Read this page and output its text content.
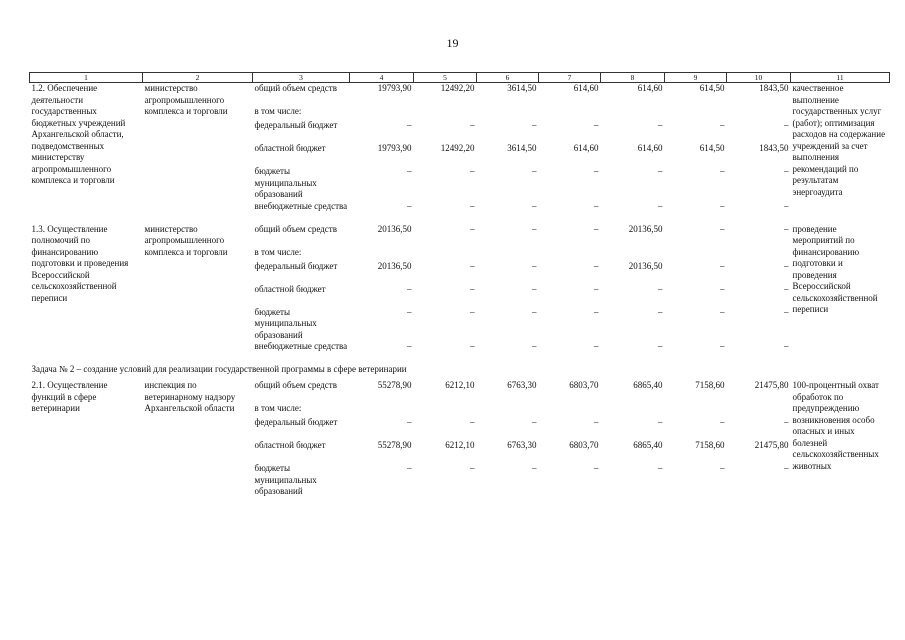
19
1	2	3	4	5	6	7	8	9	10	11
1.2. Обеспечение деятельности государственных бюджетных учреждений Архангельской области, подведомственных министерству агропромышленного комплекса и торговли	министерство агропромышленного комплекса и торговли	общий объем средств	19793,90	12492,20	3614,50	614,60	614,60	614,50	1843,50	качественное выполнение государственных услуг (работ); оптимизация расходов на содержание учреждений за счет выполнения рекомендаций по результатам энергоаудита
		в том числе:								
		федеральный бюджет	–	–	–	–	–	–	–	
		областной бюджет	19793,90	12492,20	3614,50	614,60	614,60	614,50	1843,50	
		бюджеты муниципальных образований	–	–	–	–	–	–	–	
		внебюджетные средства	–	–	–	–	–	–	–	
1.3. Осуществление полномочий по финансированию подготовки и проведения Всероссийской сельскохозяйственной переписи	министерство агропромышленного комплекса и торговли	общий объем средств	20136,50	–	–	–	20136,50	–	–	проведение мероприятий по финансированию подготовки и проведения Всероссийской сельскохозяйственной переписи
		в том числе:								
		федеральный бюджет	20136,50	–	–	–	20136,50	–	–	
		областной бюджет	–	–	–	–	–	–	–	
		бюджеты муниципальных образований	–	–	–	–	–	–	–	
		внебюджетные средства	–	–	–	–	–	–	–	
Задача № 2 – создание условий для реализации государственной программы в сфере ветеринарии										
2.1. Осуществление функций в сфере ветеринарии	инспекция по ветеринарному надзору Архангельской области	общий объем средств	55278,90	6212,10	6763,30	6803,70	6865,40	7158,60	21475,80	100-процентный охват обработок по предупреждению возникновения особо опасных и иных болезней сельскохозяйственных животных
		в том числе:								
		федеральный бюджет	–	–	–	–	–	–	–	
		областной бюджет	55278,90	6212,10	6763,30	6803,70	6865,40	7158,60	21475,80	
		бюджеты муниципальных образований	–	–	–	–	–	–	–	
